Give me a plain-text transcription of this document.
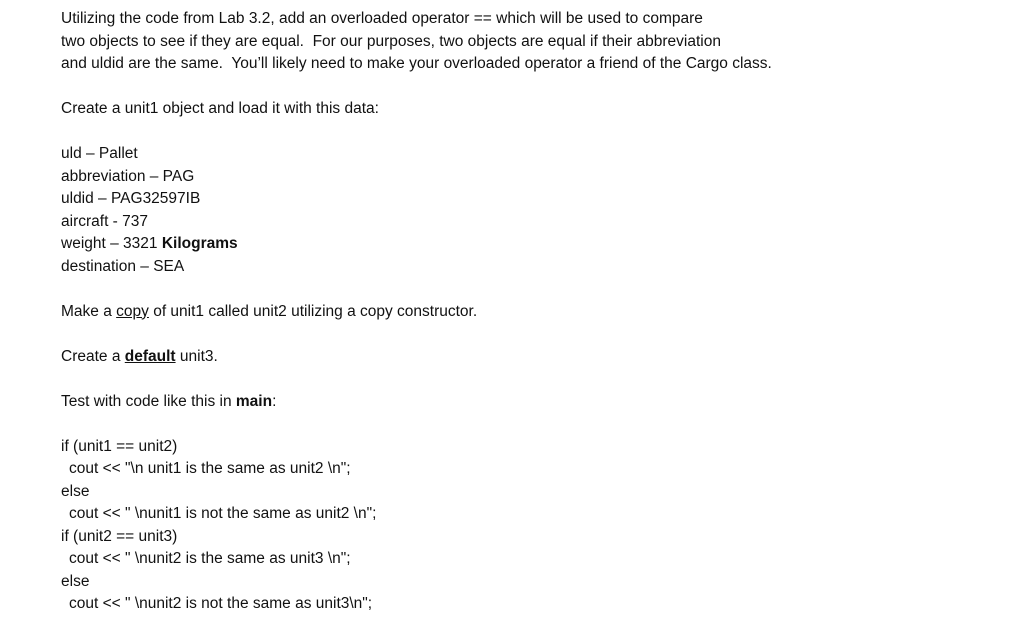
Utilizing the code from Lab 3.2, add an overloaded operator == which will be used to compare
two objects to see if they are equal.  For our purposes, two objects are equal if their abbreviation
and uldid are the same.  You’ll likely need to make your overloaded operator a friend of the Cargo class.
Create a unit1 object and load it with this data:
uld – Pallet
abbreviation – PAG
uldid – PAG32597IB
aircraft - 737
weight – 3321 Kilograms
destination – SEA
Make a copy of unit1 called unit2 utilizing a copy constructor.
Create a default unit3.
Test with code like this in main:
if (unit1 == unit2)
cout << "\n unit1 is the same as unit2 \n";
else
cout << " \nunit1 is not the same as unit2 \n";
if (unit2 == unit3)
cout << " \nunit2 is the same as unit3 \n";
else
cout << " \nunit2 is not the same as unit3\n";
